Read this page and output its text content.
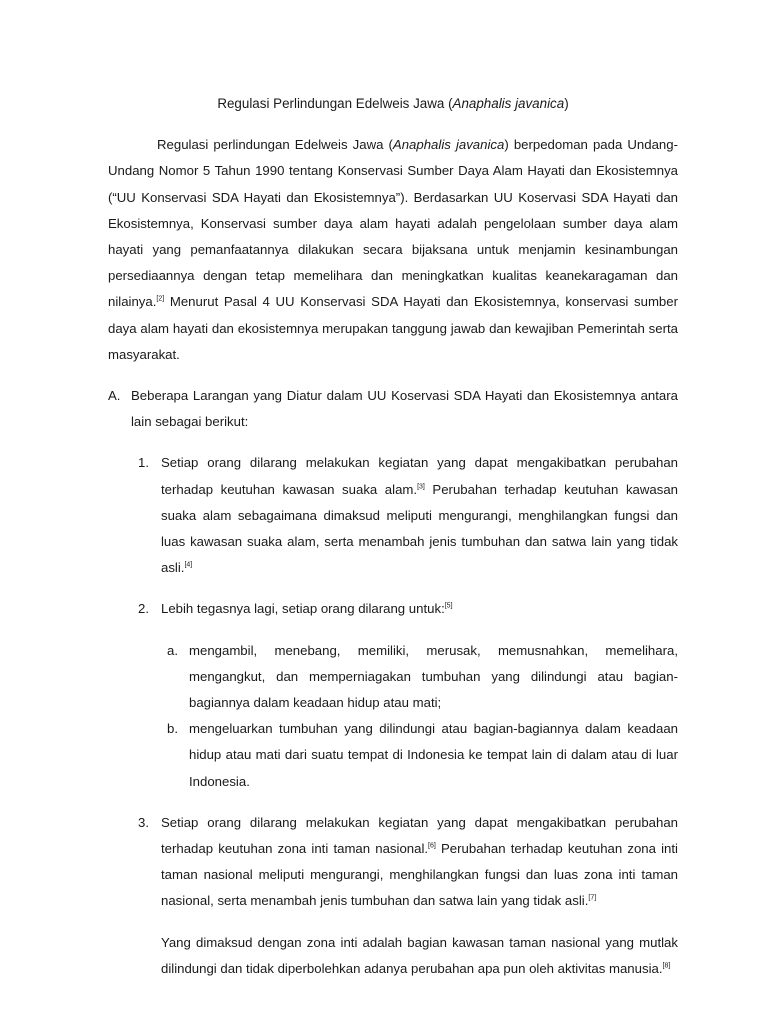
Regulasi Perlindungan Edelweis Jawa (Anaphalis javanica)

Regulasi perlindungan Edelweis Jawa (Anaphalis javanica) berpedoman pada Undang-Undang Nomor 5 Tahun 1990 tentang Konservasi Sumber Daya Alam Hayati dan Ekosistemnya (“UU Konservasi SDA Hayati dan Ekosistemnya”). Berdasarkan UU Koservasi SDA Hayati dan Ekosistemnya, Konservasi sumber daya alam hayati adalah pengelolaan sumber daya alam hayati yang pemanfaatannya dilakukan secara bijaksana untuk menjamin kesinambungan persediaannya dengan tetap memelihara dan meningkatkan kualitas keanekaragaman dan nilainya.[2] Menurut Pasal 4 UU Konservasi SDA Hayati dan Ekosistemnya, konservasi sumber daya alam hayati dan ekosistemnya merupakan tanggung jawab dan kewajiban Pemerintah serta masyarakat.

A. Beberapa Larangan yang Diatur dalam UU Koservasi SDA Hayati dan Ekosistemnya antara lain sebagai berikut:
1. Setiap orang dilarang melakukan kegiatan yang dapat mengakibatkan perubahan terhadap keutuhan kawasan suaka alam.[3] Perubahan terhadap keutuhan kawasan suaka alam sebagaimana dimaksud meliputi mengurangi, menghilangkan fungsi dan luas kawasan suaka alam, serta menambah jenis tumbuhan dan satwa lain yang tidak asli.[4]
2. Lebih tegasnya lagi, setiap orang dilarang untuk:[5]
a. mengambil, menebang, memiliki, merusak, memusnahkan, memelihara, mengangkut, dan memperniagakan tumbuhan yang dilindungi atau bagian-bagiannya dalam keadaan hidup atau mati;
b. mengeluarkan tumbuhan yang dilindungi atau bagian-bagiannya dalam keadaan hidup atau mati dari suatu tempat di Indonesia ke tempat lain di dalam atau di luar Indonesia.
3. Setiap orang dilarang melakukan kegiatan yang dapat mengakibatkan perubahan terhadap keutuhan zona inti taman nasional.[6] Perubahan terhadap keutuhan zona inti taman nasional meliputi mengurangi, menghilangkan fungsi dan luas zona inti taman nasional, serta menambah jenis tumbuhan dan satwa lain yang tidak asli.[7]

Yang dimaksud dengan zona inti adalah bagian kawasan taman nasional yang mutlak dilindungi dan tidak diperbolehkan adanya perubahan apa pun oleh aktivitas manusia.[8]
